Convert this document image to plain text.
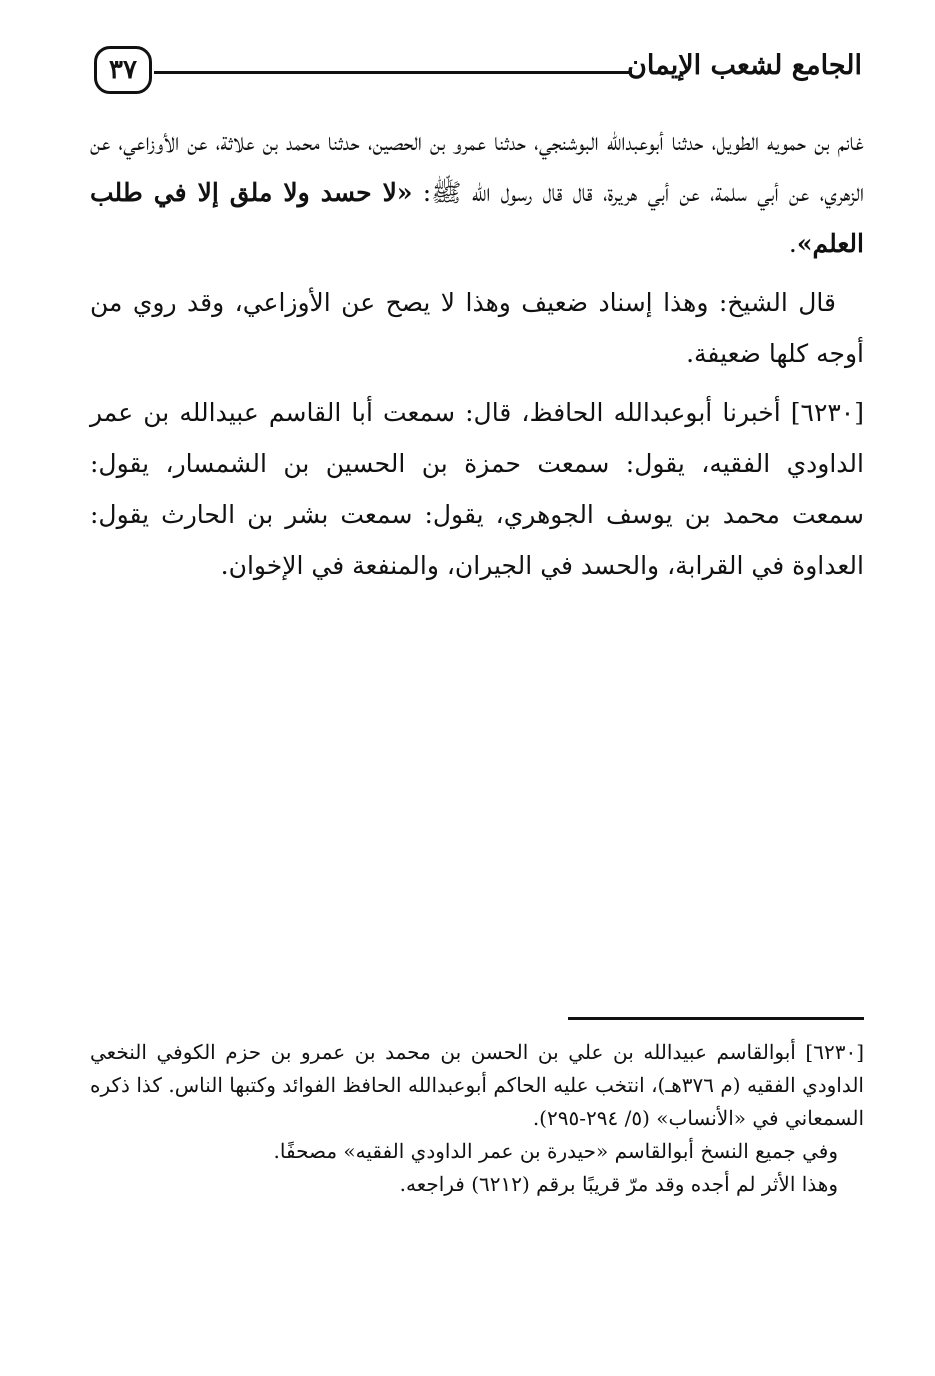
٣٧	الجامع لشعب الإيمان

غانم بن حمويه الطويل، حدثنا أبوعبدالله البوشنجي، حدثنا عمرو بن الحصين، حدثنا محمد بن علاثة، عن الأوزاعي، عن الزهري، عن أبي سلمة، عن أبي هريرة، قال قال رسول الله ﷺ: «لا حسد ولا ملق إلا في طلب العلم».

قال الشيخ: وهذا إسناد ضعيف وهذا لا يصح عن الأوزاعي، وقد روي من أوجه كلها ضعيفة.

[٦٢٣٠] أخبرنا أبوعبدالله الحافظ، قال: سمعت أبا القاسم عبيدالله بن عمر الداودي الفقيه، يقول: سمعت حمزة بن الحسين بن الشمسار، يقول: سمعت محمد بن يوسف الجوهري، يقول: سمعت بشر بن الحارث يقول: العداوة في القرابة، والحسد في الجيران، والمنفعة في الإخوان.

[٦٢٣٠] أبوالقاسم عبيدالله بن علي بن الحسن بن محمد بن عمرو بن حزم الكوفي النخعي الداودي الفقيه (م ٣٧٦هـ)، انتخب عليه الحاكم أبوعبدالله الحافظ الفوائد وكتبها الناس. كذا ذكره السمعاني في «الأنساب» (٥/ ٢٩٤-٢٩٥).

وفي جميع النسخ أبوالقاسم «حيدرة بن عمر الداودي الفقيه» مصحفًا.

وهذا الأثر لم أجده وقد مرّ قريبًا برقم (٦٢١٢) فراجعه.
